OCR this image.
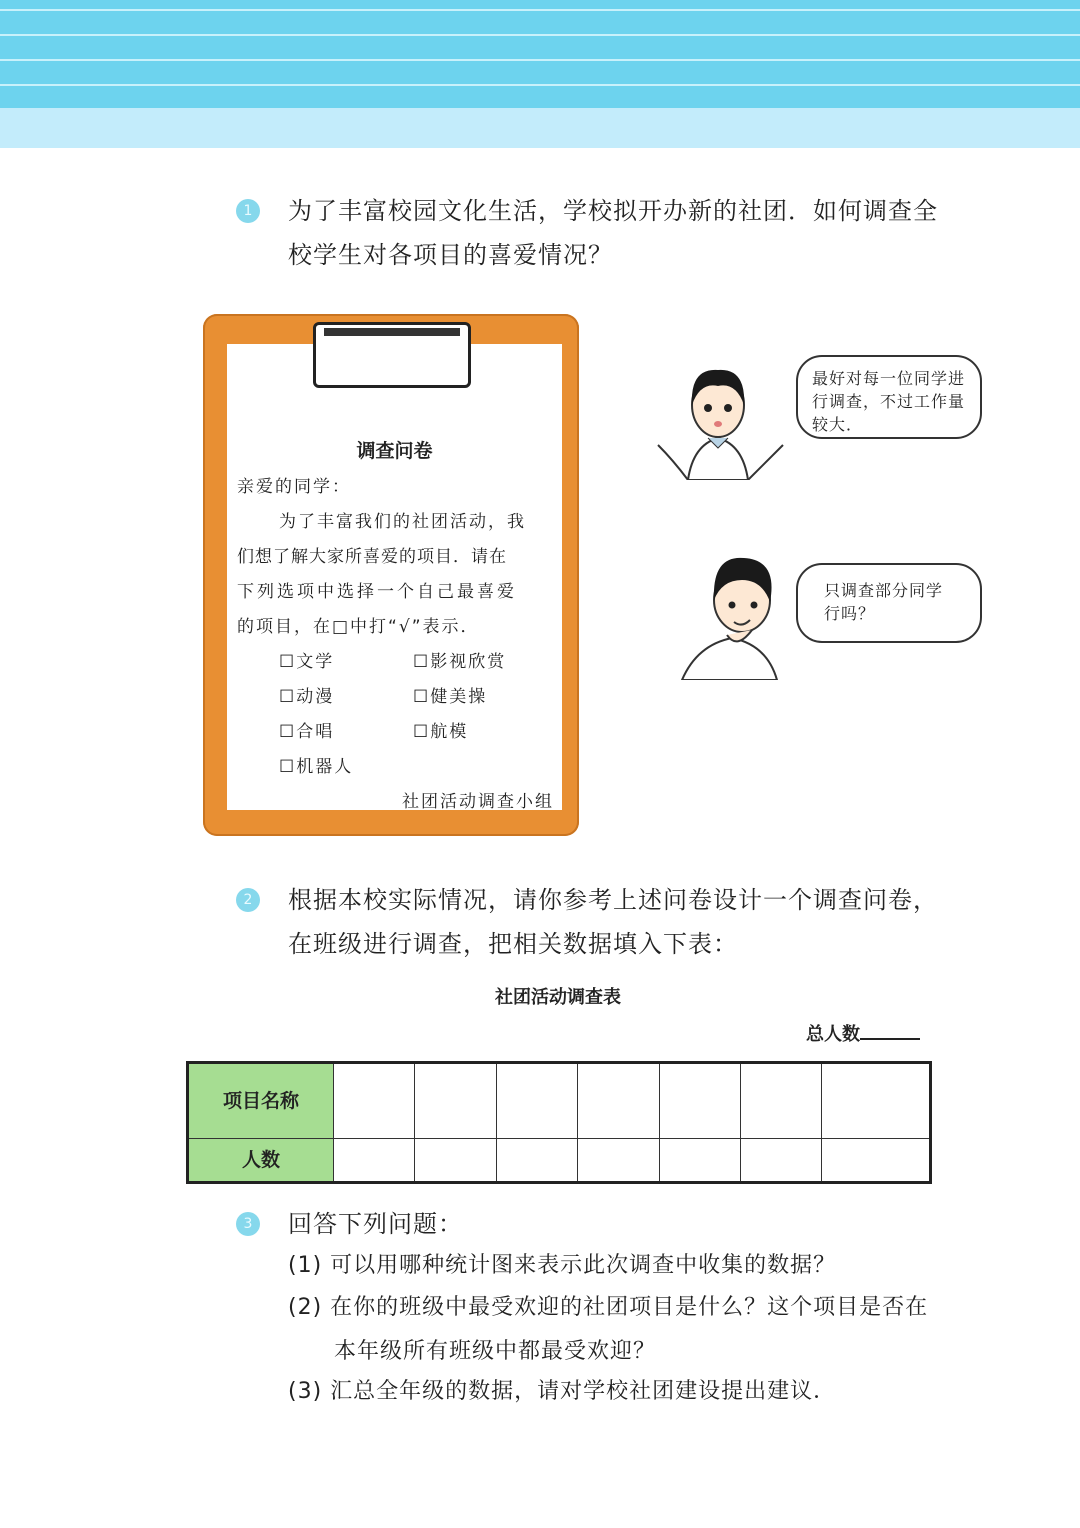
1	为了丰富校园文化生活，学校拟开办新的社团．如何调查全校学生对各项目的喜爱情况？
调查问卷
亲爱的同学：
为了丰富我们的社团活动，我
们想了解大家所喜爱的项目．请在
下列选项中选择一个自己最喜爱
的项目，在□中打“√”表示．
☐文学	☐影视欣赏
☐动漫	☐健美操
☐合唱	☐航模
☐机器人
社团活动调查小组
最好对每一位同学进行调查，不过工作量较大．
只调查部分同学行吗？
2	根据本校实际情况，请你参考上述问卷设计一个调查问卷，在班级进行调查，把相关数据填入下表：
社团活动调查表
总人数
项目名称							
人数							
3	回答下列问题：
(1) 可以用哪种统计图来表示此次调查中收集的数据？
(2) 在你的班级中最受欢迎的社团项目是什么？这个项目是否在本年级所有班级中都最受欢迎？
(3) 汇总全年级的数据，请对学校社团建设提出建议．
